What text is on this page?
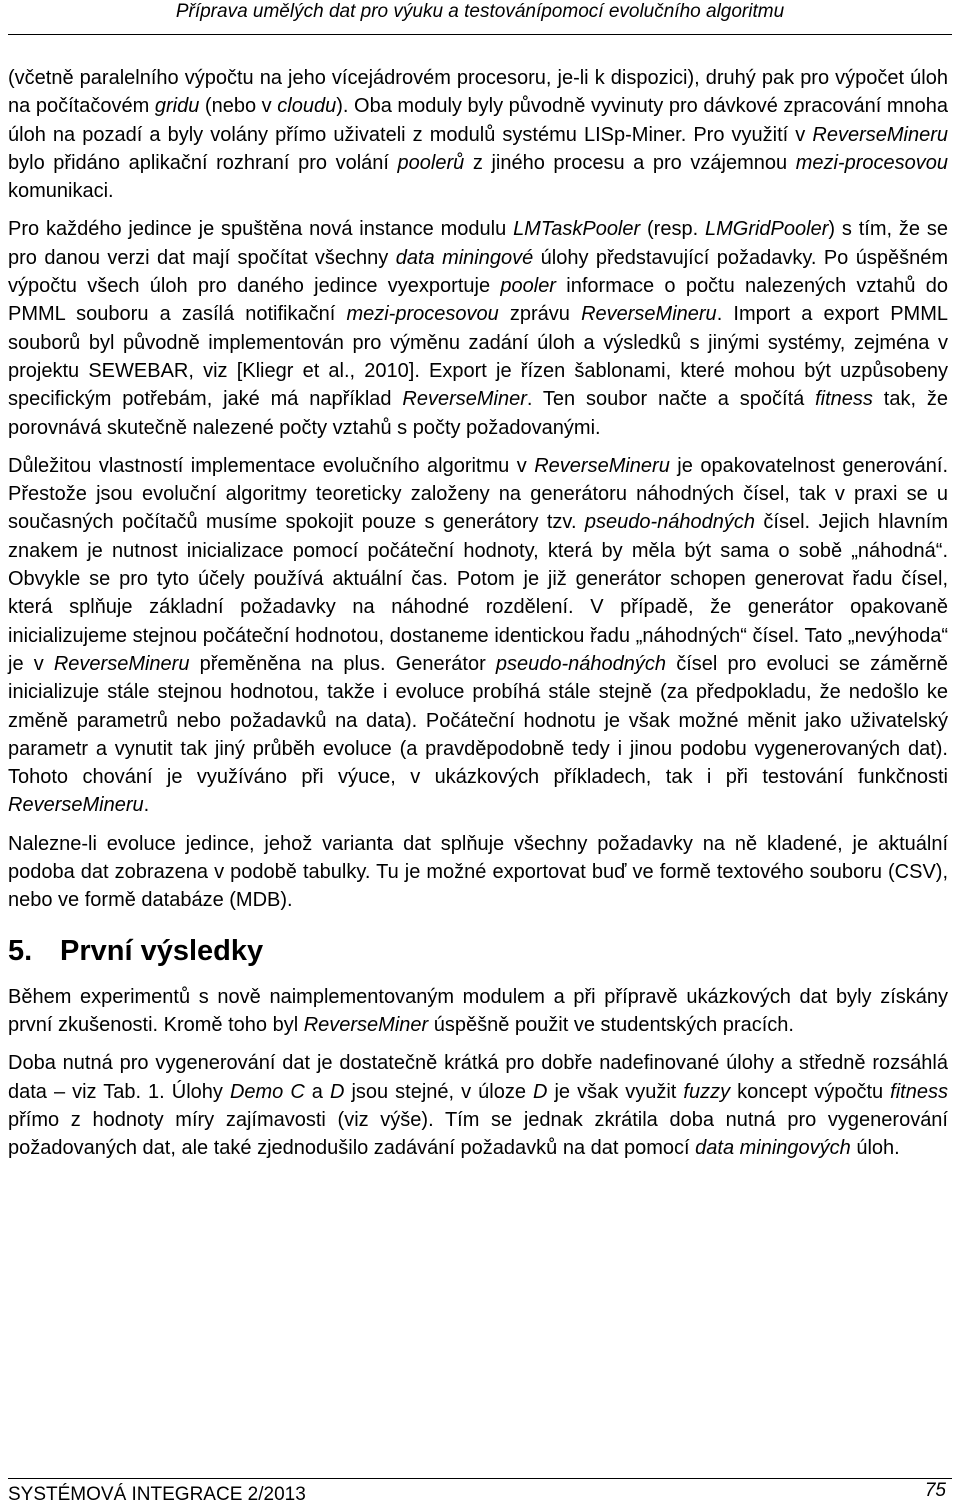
Příprava umělých dat pro výuku a testovánípomocí evolučního algoritmu

(včetně paralelního výpočtu na jeho vícejádrovém procesoru, je-li k dispozici), druhý pak pro výpočet úloh na počítačovém gridu (nebo v cloudu). Oba moduly byly původně vyvinuty pro dávkové zpracování mnoha úloh na pozadí a byly volány přímo uživateli z modulů systému LISp-Miner. Pro využití v ReverseMineru bylo přidáno aplikační rozhraní pro volání poolerů z jiného procesu a pro vzájemnou mezi-procesovou komunikaci.

Pro každého jedince je spuštěna nová instance modulu LMTaskPooler (resp. LMGridPooler) s tím, že se pro danou verzi dat mají spočítat všechny data miningové úlohy představující požadavky. Po úspěšném výpočtu všech úloh pro daného jedince vyexportuje pooler informace o počtu nalezených vztahů do PMML souboru a zasílá notifikační mezi-procesovou zprávu ReverseMineru. Import a export PMML souborů byl původně implementován pro výměnu zadání úloh a výsledků s jinými systémy, zejména v projektu SEWEBAR, viz [Kliegr et al., 2010]. Export je řízen šablonami, které mohou být uzpůsobeny specifickým potřebám, jaké má například ReverseMiner. Ten soubor načte a spočítá fitness tak, že porovnává skutečně nalezené počty vztahů s počty požadovanými.

Důležitou vlastností implementace evolučního algoritmu v ReverseMineru je opakovatelnost generování. Přestože jsou evoluční algoritmy teoreticky založeny na generátoru náhodných čísel, tak v praxi se u současných počítačů musíme spokojit pouze s generátory tzv. pseudo-náhodných čísel. Jejich hlavním znakem je nutnost inicializace pomocí počáteční hodnoty, která by měla být sama o sobě „náhodná“. Obvykle se pro tyto účely používá aktuální čas. Potom je již generátor schopen generovat řadu čísel, která splňuje základní požadavky na náhodné rozdělení. V případě, že generátor opakovaně inicializujeme stejnou počáteční hodnotou, dostaneme identickou řadu „náhodných“ čísel. Tato „nevýhoda“ je v ReverseMineru přeměněna na plus. Generátor pseudo-náhodných čísel pro evoluci se záměrně inicializuje stále stejnou hodnotou, takže i evoluce probíhá stále stejně (za předpokladu, že nedošlo ke změně parametrů nebo požadavků na data). Počáteční hodnotu je však možné měnit jako uživatelský parametr a vynutit tak jiný průběh evoluce (a pravděpodobně tedy i jinou podobu vygenerovaných dat). Tohoto chování je využíváno při výuce, v ukázkových příkladech, tak i při testování funkčnosti ReverseMineru.

Nalezne-li evoluce jedince, jehož varianta dat splňuje všechny požadavky na ně kladené, je aktuální podoba dat zobrazena v podobě tabulky. Tu je možné exportovat buď ve formě textového souboru (CSV), nebo ve formě databáze (MDB).

5. První výsledky

Během experimentů s nově naimplementovaným modulem a při přípravě ukázkových dat byly získány první zkušenosti. Kromě toho byl ReverseMiner úspěšně použit ve studentských pracích.

Doba nutná pro vygenerování dat je dostatečně krátká pro dobře nadefinované úlohy a středně rozsáhlá data – viz Tab. 1. Úlohy Demo C a D jsou stejné, v úloze D je však využit fuzzy koncept výpočtu fitness přímo z hodnoty míry zajímavosti (viz výše). Tím se jednak zkrátila doba nutná pro vygenerování požadovaných dat, ale také zjednodušilo zadávání požadavků na dat pomocí data miningových úloh.

SYSTÉMOVÁ INTEGRACE 2/2013	75
